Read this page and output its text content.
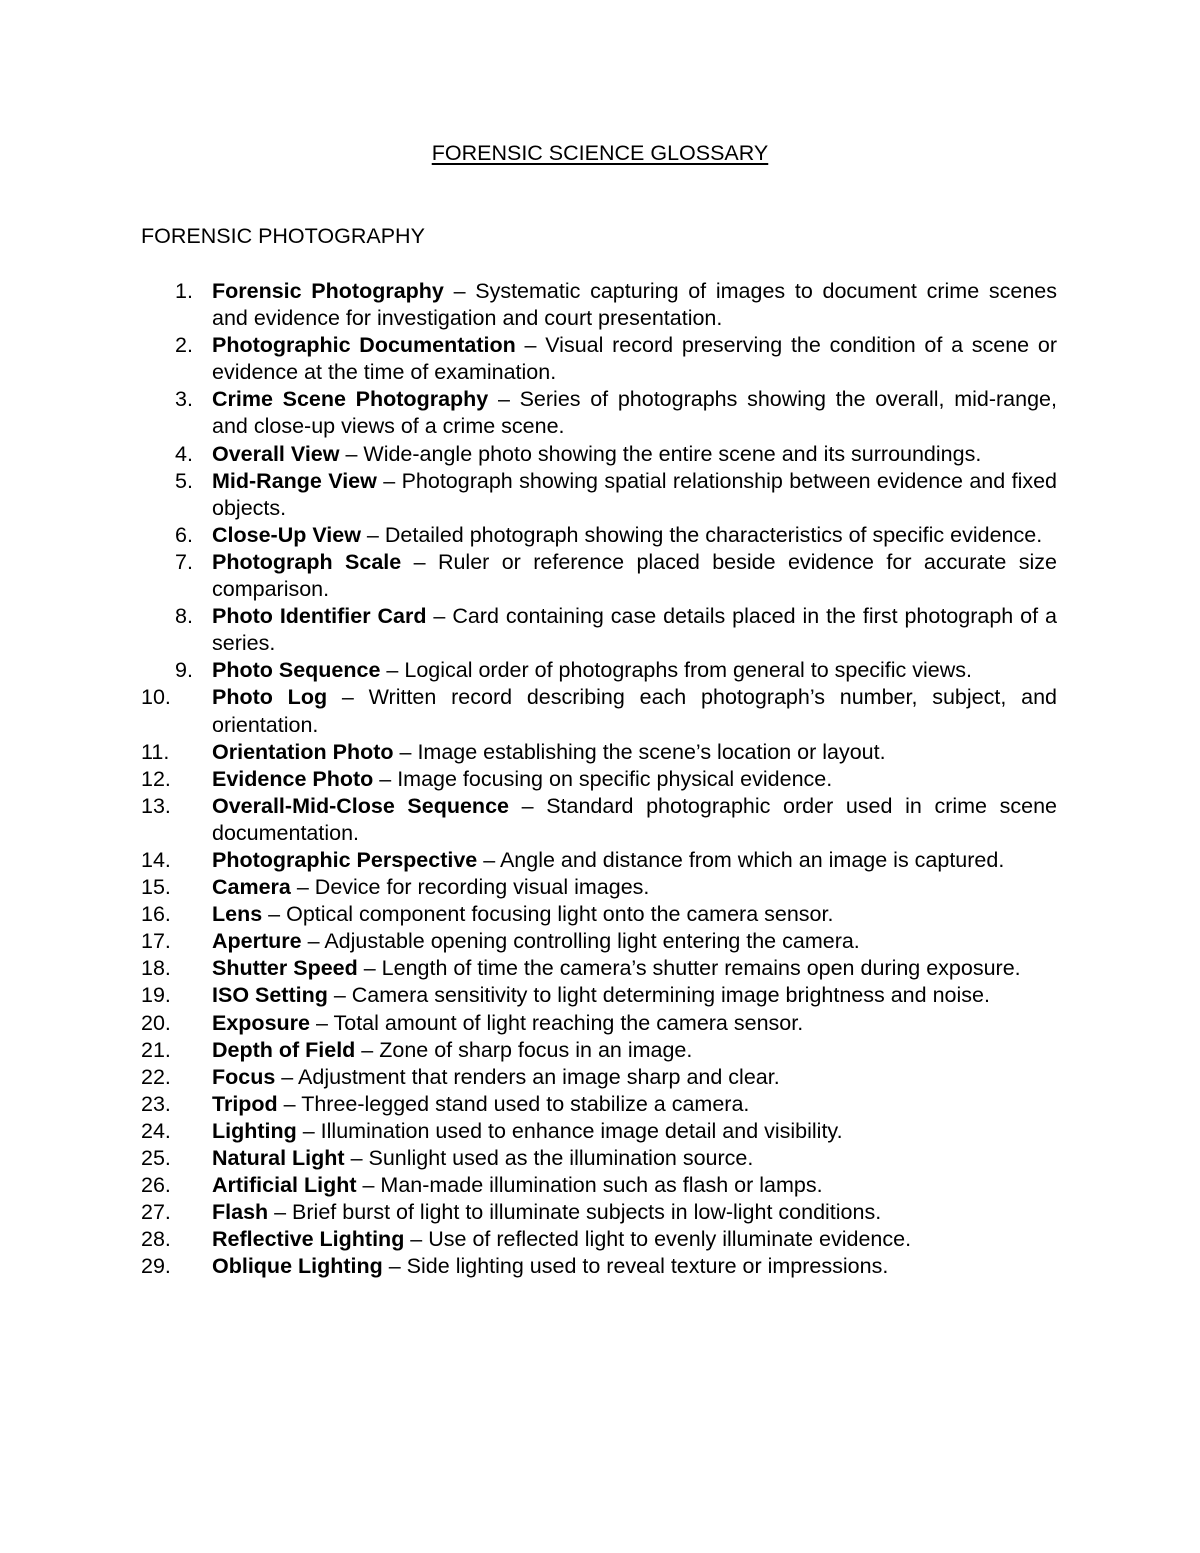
FORENSIC SCIENCE GLOSSARY
FORENSIC PHOTOGRAPHY
1. Forensic Photography – Systematic capturing of images to document crime scenes and evidence for investigation and court presentation.
2. Photographic Documentation – Visual record preserving the condition of a scene or evidence at the time of examination.
3. Crime Scene Photography – Series of photographs showing the overall, mid-range, and close-up views of a crime scene.
4. Overall View – Wide-angle photo showing the entire scene and its surroundings.
5. Mid-Range View – Photograph showing spatial relationship between evidence and fixed objects.
6. Close-Up View – Detailed photograph showing the characteristics of specific evidence.
7. Photograph Scale – Ruler or reference placed beside evidence for accurate size comparison.
8. Photo Identifier Card – Card containing case details placed in the first photograph of a series.
9. Photo Sequence – Logical order of photographs from general to specific views.
10.	Photo Log – Written record describing each photograph’s number, subject, and orientation.
11.	Orientation Photo – Image establishing the scene’s location or layout.
12.	Evidence Photo – Image focusing on specific physical evidence.
13.	Overall-Mid-Close Sequence – Standard photographic order used in crime scene documentation.
14.	Photographic Perspective – Angle and distance from which an image is captured.
15.	Camera – Device for recording visual images.
16.	Lens – Optical component focusing light onto the camera sensor.
17.	Aperture – Adjustable opening controlling light entering the camera.
18.	Shutter Speed – Length of time the camera’s shutter remains open during exposure.
19.	ISO Setting – Camera sensitivity to light determining image brightness and noise.
20.	Exposure – Total amount of light reaching the camera sensor.
21.	Depth of Field – Zone of sharp focus in an image.
22.	Focus – Adjustment that renders an image sharp and clear.
23.	Tripod – Three-legged stand used to stabilize a camera.
24.	Lighting – Illumination used to enhance image detail and visibility.
25.	Natural Light – Sunlight used as the illumination source.
26.	Artificial Light – Man-made illumination such as flash or lamps.
27.	Flash – Brief burst of light to illuminate subjects in low-light conditions.
28.	Reflective Lighting – Use of reflected light to evenly illuminate evidence.
29.	Oblique Lighting – Side lighting used to reveal texture or impressions.
